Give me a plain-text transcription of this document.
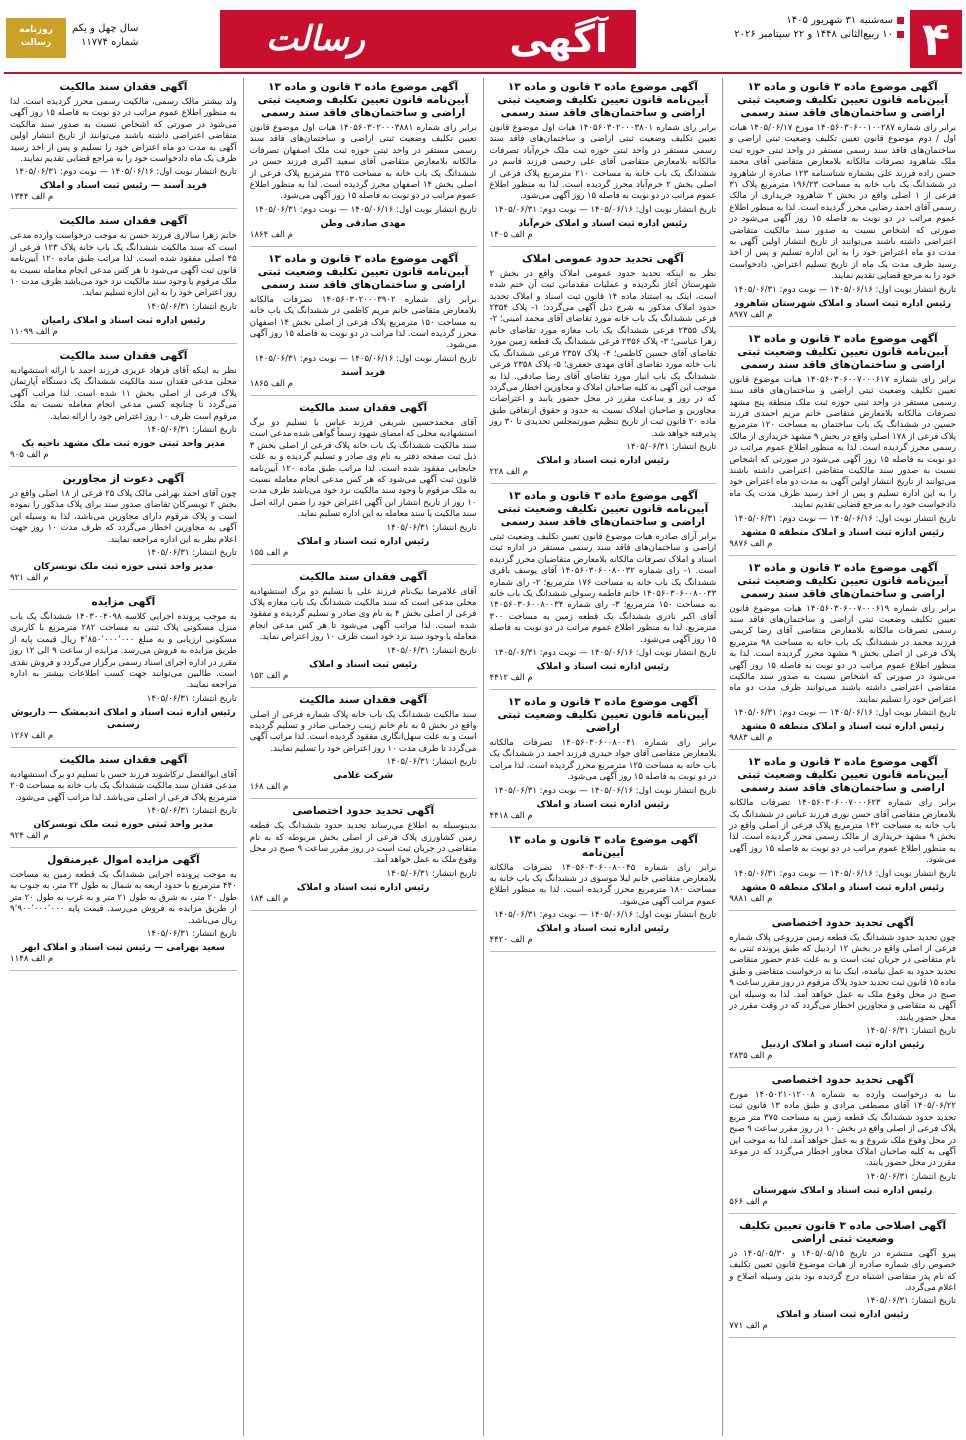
۴
سه‌شنبه ۳۱ شهریور ۱۴۰۵
۱۰ ربیع‌الثانی ۱۴۴۸ و ۲۲ سپتامبر ۲۰۲۶
آگهی
رسالت
روزنامه
رسالت
سال چهل و یکم
شماره ۱۱۷۷۴
آگهی موضوع ماده ۳ قانون و ماده ۱۳ آیین‌نامه قانون تعیین تکلیف وضعیت ثبتی اراضی و ساختمان‌های فاقد سند رسمی
برابر رای شماره ۱۴۰۵۶۰۳۰۶۰۰۱۰۰۲۸۷ مورخ ۱۴۰۵/۰۶/۱۷ هیات اول / دوم موضوع قانون تعیین تکلیف وضعیت ثبتی اراضی و ساختمان‌های فاقد سند رسمی مستقر در واحد ثبتی حوزه ثبت ملک شاهرود تصرفات مالکانه بلامعارض متقاضی آقای محمد حسن زاده فرزند علی بشماره شناسنامه ۱۲۳ صادره از شاهرود در ششدانگ یک باب خانه به مساحت ۱۹۶/۲۳ مترمربع پلاک ۳۱ فرعی از ۱ اصلی واقع در بخش ۲ شاهرود خریداری از مالک رسمی آقای احمد رضایی محرز گردیده است. لذا به منظور اطلاع عموم مراتب در دو نوبت به فاصله ۱۵ روز آگهی می‌شود در صورتی که اشخاص نسبت به صدور سند مالکیت متقاضی اعتراضی داشته باشند می‌توانند از تاریخ انتشار اولین آگهی به مدت دو ماه اعتراض خود را به این اداره تسلیم و پس از اخذ رسید ظرف مدت یک ماه از تاریخ تسلیم اعتراض، دادخواست خود را به مرجع قضایی تقدیم نمایند.
تاریخ انتشار نوبت اول: ۱۴۰۵/۰۶/۱۶ — نوبت دوم: ۱۴۰۵/۰۶/۳۱
رئیس اداره ثبت اسناد و املاک شهرستان شاهرود
م الف ۸۹۷۷
آگهی موضوع ماده ۳ قانون و ماده ۱۳ آیین‌نامه قانون تعیین تکلیف وضعیت ثبتی اراضی و ساختمان‌های فاقد سند رسمی
برابر رای شماره ۱۴۰۵۶۰۳۰۶۰۰۷۰۰۰۶۱۷ هیات موضوع قانون تعیین تکلیف وضعیت ثبتی اراضی و ساختمان‌های فاقد سند رسمی مستقر در واحد ثبتی حوزه ثبت ملک منطقه پنج مشهد تصرفات مالکانه بلامعارض متقاضی خانم مریم احمدی فرزند حسین در ششدانگ یک باب ساختمان به مساحت ۱۲۰ مترمربع پلاک فرعی از ۱۷۸ اصلی واقع در بخش ۹ مشهد خریداری از مالک رسمی محرز گردیده است. لذا به منظور اطلاع عموم مراتب در دو نوبت به فاصله ۱۵ روز آگهی می‌شود در صورتی که اشخاص نسبت به صدور سند مالکیت متقاضی اعتراضی داشته باشند می‌توانند از تاریخ انتشار اولین آگهی به مدت دو ماه اعتراض خود را به این اداره تسلیم و پس از اخذ رسید ظرف مدت یک ماه دادخواست خود را به مرجع قضایی تقدیم نمایند.
تاریخ انتشار نوبت اول: ۱۴۰۵/۰۶/۱۶ — نوبت دوم: ۱۴۰۵/۰۶/۳۱
رئیس اداره ثبت اسناد و املاک منطقه ۵ مشهد
م الف ۹۸۷۶
آگهی موضوع ماده ۳ قانون و ماده ۱۳ آیین‌نامه قانون تعیین تکلیف وضعیت ثبتی اراضی و ساختمان‌های فاقد سند رسمی
برابر رای شماره ۱۴۰۵۶۰۳۰۶۰۰۷۰۰۰۶۱۹ هیات موضوع قانون تعیین تکلیف وضعیت ثبتی اراضی و ساختمان‌های فاقد سند رسمی تصرفات مالکانه بلامعارض متقاضی آقای رضا کریمی فرزند محمد در ششدانگ یک باب خانه به مساحت ۹۸ مترمربع پلاک فرعی از اصلی بخش ۹ مشهد محرز گردیده است. لذا به منظور اطلاع عموم مراتب در دو نوبت به فاصله ۱۵ روز آگهی می‌شود در صورتی که اشخاص نسبت به صدور سند مالکیت متقاضی اعتراضی داشته باشند می‌توانند ظرف مدت دو ماه اعتراض خود را تسلیم نمایند.
تاریخ انتشار نوبت اول: ۱۴۰۵/۰۶/۱۶ — نوبت دوم: ۱۴۰۵/۰۶/۳۱
رئیس اداره ثبت اسناد و املاک منطقه ۵ مشهد
م الف ۹۸۸۳
آگهی موضوع ماده ۳ قانون و ماده ۱۳ آیین‌نامه قانون تعیین تکلیف وضعیت ثبتی اراضی و ساختمان‌های فاقد سند رسمی
برابر رای شماره ۱۴۰۵۶۰۳۰۶۰۰۷۰۰۰۶۲۳ تصرفات مالکانه بلامعارض متقاضی آقای حسن نوری فرزند عباس در ششدانگ یک باب خانه به مساحت ۱۴۲ مترمربع پلاک فرعی از اصلی واقع در بخش ۹ مشهد خریداری از مالک رسمی محرز گردیده است. لذا به منظور اطلاع عموم مراتب در دو نوبت به فاصله ۱۵ روز آگهی می‌شود.
تاریخ انتشار نوبت اول: ۱۴۰۵/۰۶/۱۶ — نوبت دوم: ۱۴۰۵/۰۶/۳۱
رئیس اداره ثبت اسناد و املاک منطقه ۵ مشهد
م الف ۹۸۸۱
آگهی تحدید حدود اختصاصی
چون تحدید حدود ششدانگ یک قطعه زمین مزروعی پلاک شماره فرعی از اصلی واقع در بخش ۱۲ اردبیل که طبق پرونده ثبتی به نام متقاضی در جریان ثبت است و به علت عدم حضور متقاضی تحدید حدود به عمل نیامده، اینک بنا به درخواست متقاضی و طبق ماده ۱۵ قانون ثبت تحدید حدود پلاک مرقوم در روز مقرر ساعت ۹ صبح در محل وقوع ملک به عمل خواهد آمد. لذا به وسیله این آگهی به متقاضی و مجاورین اخطار می‌گردد که در وقت مقرر در محل حضور یابند.
تاریخ انتشار: ۱۴۰۵/۰۶/۳۱
رئیس اداره ثبت اسناد و املاک اردبیل
م الف ۲۸۳۵
آگهی تحدید حدود اختصاصی
بنا به درخواست وارده به شماره ۱۴۰۵۰۲۱۰۱۲۰۰۸ مورخ ۱۴۰۵/۰۶/۲۲ آقای مصطفی مرادی و طبق ماده ۱۳ قانون ثبت تحدید حدود ششدانگ یک قطعه زمین به مساحت ۳۷۵ متر مربع پلاک فرعی از اصلی واقع در بخش ۱۰ در روز مقرر ساعت ۹ صبح در محل وقوع ملک شروع و به عمل خواهد آمد. لذا به موجب این آگهی به کلیه صاحبان املاک مجاور اخطار می‌گردد که در موعد مقرر در محل حضور یابند.
تاریخ انتشار: ۱۴۰۵/۰۶/۳۱
رئیس اداره ثبت اسناد و املاک شهرستان
م الف ۵۶۶
آگهی اصلاحی ماده ۳ قانون تعیین تکلیف وضعیت ثبتی اراضی
پیرو آگهی منتشره در تاریخ ۱۴۰۵/۰۵/۱۵ و ۱۴۰۵/۰۵/۳۰ در خصوص رای شماره صادره از هیات موضوع قانون تعیین تکلیف که نام پدر متقاضی اشتباه درج گردیده بود بدین وسیله اصلاح و اعلام می‌گردد.
تاریخ انتشار: ۱۴۰۵/۰۶/۳۱
رئیس اداره ثبت اسناد و املاک
م الف ۷۷۱
آگهی موضوع ماده ۳ قانون و ماده ۱۳ آیین‌نامه قانون تعیین تکلیف وضعیت ثبتی اراضی و ساختمان‌های فاقد سند رسمی
برابر رای شماره ۱۴۰۵۶۰۳۰۲۰۰۰۳۸۰۱ هیات اول موضوع قانون تعیین تکلیف وضعیت ثبتی اراضی و ساختمان‌های فاقد سند رسمی مستقر در واحد ثبتی حوزه ثبت ملک خرم‌آباد تصرفات مالکانه بلامعارض متقاضی آقای علی رحیمی فرزند قاسم در ششدانگ یک باب خانه به مساحت ۲۱۰ مترمربع پلاک فرعی از اصلی بخش ۲ خرم‌آباد محرز گردیده است. لذا به منظور اطلاع عموم مراتب در دو نوبت به فاصله ۱۵ روز آگهی می‌شود.
تاریخ انتشار نوبت اول: ۱۴۰۵/۰۶/۱۶ — نوبت دوم: ۱۴۰۵/۰۶/۳۱
رئیس اداره ثبت اسناد و املاک خرم‌آباد
م الف ۱۴۰۵
آگهی تحدید حدود عمومی املاک
نظر به اینکه تحدید حدود عمومی املاک واقع در بخش ۲ شهرستان آغاز نگردیده و عملیات مقدماتی ثبت آن ختم شده است، اینک به استناد ماده ۱۴ قانون ثبت اسناد و املاک تحدید حدود املاک مذکور به شرح ذیل آگهی می‌گردد: ۱- پلاک ۲۳۵۴ فرعی ششدانگ یک باب خانه مورد تقاضای آقای محمد امینی؛ ۲- پلاک ۲۳۵۵ فرعی ششدانگ یک باب مغازه مورد تقاضای خانم زهرا عباسی؛ ۳- پلاک ۲۳۵۶ فرعی ششدانگ یک قطعه زمین مورد تقاضای آقای حسین کاظمی؛ ۴- پلاک ۲۳۵۷ فرعی ششدانگ یک باب خانه مورد تقاضای آقای مهدی جعفری؛ ۵- پلاک ۲۳۵۸ فرعی ششدانگ یک باب انبار مورد تقاضای آقای رضا صادقی. لذا به موجب این آگهی به کلیه صاحبان املاک و مجاورین اخطار می‌گردد که در روز و ساعت مقرر در محل حضور یابند و اعتراضات مجاورین و صاحبان املاک نسبت به حدود و حقوق ارتفاقی طبق ماده ۲۰ قانون ثبت از تاریخ تنظیم صورتمجلس تحدیدی تا ۳۰ روز پذیرفته خواهد شد.
تاریخ انتشار: ۱۴۰۵/۰۶/۳۱
رئیس اداره ثبت اسناد و املاک
م الف ۲۲۸
آگهی موضوع ماده ۳ قانون و ماده ۱۳ آیین‌نامه قانون تعیین تکلیف وضعیت ثبتی اراضی و ساختمان‌های فاقد سند رسمی
برابر آرای صادره هیات موضوع قانون تعیین تکلیف وضعیت ثبتی اراضی و ساختمان‌های فاقد سند رسمی مستقر در اداره ثبت اسناد و املاک تصرفات مالکانه بلامعارض متقاضیان محرز گردیده است. ۱- رای شماره ۱۴۰۵۶۰۳۰۶۰۰۸۰۰۳۲ آقای یوسف باقری ششدانگ یک باب خانه به مساحت ۱۷۶ مترمربع؛ ۲- رای شماره ۱۴۰۵۶۰۳۰۶۰۰۸۰۰۳۳ خانم فاطمه رسولی ششدانگ یک باب خانه به مساحت ۱۵۰ مترمربع؛ ۳- رای شماره ۱۴۰۵۶۰۳۰۶۰۰۸۰۰۳۴ آقای اکبر نادری ششدانگ یک قطعه زمین به مساحت ۳۰۰ مترمربع. لذا به منظور اطلاع عموم مراتب در دو نوبت به فاصله ۱۵ روز آگهی می‌شود.
تاریخ انتشار نوبت اول: ۱۴۰۵/۰۶/۱۶ — نوبت دوم: ۱۴۰۵/۰۶/۳۱
رئیس اداره ثبت اسناد و املاک
م الف ۴۴۱۲
آگهی موضوع ماده ۳ قانون و ماده ۱۳ آیین‌نامه قانون تعیین تکلیف وضعیت ثبتی اراضی
برابر رای شماره ۱۴۰۵۶۰۳۰۶۰۰۸۰۰۴۱ تصرفات مالکانه بلامعارض متقاضی آقای جواد حیدری فرزند احمد در ششدانگ یک باب خانه به مساحت ۱۲۵ مترمربع محرز گردیده است. لذا مراتب در دو نوبت به فاصله ۱۵ روز آگهی می‌شود.
تاریخ انتشار نوبت اول: ۱۴۰۵/۰۶/۱۶ — نوبت دوم: ۱۴۰۵/۰۶/۳۱
رئیس اداره ثبت اسناد و املاک
م الف ۴۴۱۸
آگهی موضوع ماده ۳ قانون و ماده ۱۳ آیین‌نامه
برابر رای شماره ۱۴۰۵۶۰۳۰۶۰۰۸۰۰۴۵ تصرفات مالکانه بلامعارض متقاضی خانم لیلا موسوی در ششدانگ یک باب خانه به مساحت ۱۸۰ مترمربع محرز گردیده است. لذا به منظور اطلاع عموم مراتب آگهی می‌شود.
تاریخ انتشار نوبت اول: ۱۴۰۵/۰۶/۱۶ — نوبت دوم: ۱۴۰۵/۰۶/۳۱
رئیس اداره ثبت اسناد و املاک
م الف ۴۴۲۰
آگهی موضوع ماده ۳ قانون و ماده ۱۳ آیین‌نامه قانون تعیین تکلیف وضعیت ثبتی اراضی و ساختمان‌های فاقد سند رسمی
برابر رای شماره ۱۴۰۵۶۰۳۰۲۰۰۰۳۸۸۱ هیات اول موضوع قانون تعیین تکلیف وضعیت ثبتی اراضی و ساختمان‌های فاقد سند رسمی مستقر در واحد ثبتی حوزه ثبت ملک اصفهان تصرفات مالکانه بلامعارض متقاضی آقای سعید اکبری فرزند حسن در ششدانگ یک باب خانه به مساحت ۲۲۵ مترمربع پلاک فرعی از اصلی بخش ۱۴ اصفهان محرز گردیده است. لذا به منظور اطلاع عموم مراتب در دو نوبت به فاصله ۱۵ روز آگهی می‌شود.
تاریخ انتشار نوبت اول: ۱۴۰۵/۰۶/۱۶ — نوبت دوم: ۱۴۰۵/۰۶/۳۱
مهدی صادقی وطن
م الف ۱۸۶۴
آگهی موضوع ماده ۳ قانون و ماده ۱۳ آیین‌نامه قانون تعیین تکلیف وضعیت ثبتی اراضی و ساختمان‌های فاقد سند رسمی
برابر رای شماره ۱۴۰۵۶۰۳۰۲۰۰۰۳۹۰۲ تصرفات مالکانه بلامعارض متقاضی خانم مریم کاظمی در ششدانگ یک باب خانه به مساحت ۱۵۰ مترمربع پلاک فرعی از اصلی بخش ۱۴ اصفهان محرز گردیده است. لذا مراتب در دو نوبت به فاصله ۱۵ روز آگهی می‌شود.
تاریخ انتشار نوبت اول: ۱۴۰۵/۰۶/۱۶ — نوبت دوم: ۱۴۰۵/۰۶/۳۱
فرید آسند
م الف ۱۸۶۵
آگهی فقدان سند مالکیت
آقای محمدحسین شریفی فرزند عباس با تسلیم دو برگ استشهادیه محلی که امضای شهود رسماً گواهی شده مدعی است سند مالکیت ششدانگ یک باب خانه پلاک فرعی از اصلی بخش ۳ ذیل ثبت صفحه دفتر به نام وی صادر و تسلیم گردیده و به علت جابجایی مفقود شده است. لذا مراتب طبق ماده ۱۲۰ آیین‌نامه قانون ثبت آگهی می‌شود که هر کس مدعی انجام معامله نسبت به ملک مرقوم یا وجود سند مالکیت نزد خود می‌باشد ظرف مدت ۱۰ روز از تاریخ انتشار این آگهی اعتراض خود را ضمن ارائه اصل سند مالکیت یا سند معامله به این اداره تسلیم نماید.
تاریخ انتشار: ۱۴۰۵/۰۶/۳۱
رئیس اداره ثبت اسناد و املاک
م الف ۱۵۵
آگهی فقدان سند مالکیت
آقای غلامرضا نیک‌نام فرزند علی با تسلیم دو برگ استشهادیه محلی مدعی است که سند مالکیت ششدانگ یک باب مغازه پلاک فرعی از اصلی بخش ۴ به نام وی صادر و تسلیم گردیده و مفقود شده است. لذا مراتب آگهی می‌شود تا هر کس مدعی انجام معامله یا وجود سند نزد خود است ظرف ۱۰ روز اعتراض نماید.
تاریخ انتشار: ۱۴۰۵/۰۶/۳۱
رئیس ثبت اسناد و املاک
م الف ۱۵۲
آگهی فقدان سند مالکیت
سند مالکیت ششدانگ یک باب خانه پلاک شماره فرعی از اصلی واقع در بخش ۵ به نام خانم زینب رحمانی صادر و تسلیم گردیده است و به علت سهل‌انگاری مفقود گردیده است. لذا مراتب آگهی می‌گردد تا ظرف مدت ۱۰ روز اعتراض خود را تسلیم نمایند.
تاریخ انتشار: ۱۴۰۵/۰۶/۳۱
شرکت غلامی
م الف ۱۶۸
آگهی تحدید حدود اختصاصی
بدینوسیله به اطلاع می‌رساند تحدید حدود ششدانگ یک قطعه زمین کشاورزی پلاک فرعی از اصلی بخش مربوطه که به نام متقاضی در جریان ثبت است در روز مقرر ساعت ۹ صبح در محل وقوع ملک به عمل خواهد آمد.
تاریخ انتشار: ۱۴۰۵/۰۶/۳۱
رئیس اداره ثبت اسناد و املاک
م الف ۱۸۴
آگهی فقدان سند مالکیت
ولد بیشتر مالک رسمی، مالکیت رسمی محرز گردیده است. لذا به منظور اطلاع عموم مراتب در دو نوبت به فاصله ۱۵ روز آگهی می‌شود در صورتی که اشخاص نسبت به صدور سند مالکیت متقاضی اعتراضی داشته باشند می‌توانند از تاریخ انتشار اولین آگهی به مدت دو ماه اعتراض خود را تسلیم و پس از اخذ رسید ظرف یک ماه دادخواست خود را به مراجع قضایی تقدیم نمایند.
تاریخ انتشار نوبت اول: ۱۴۰۵/۰۶/۱۶ — نوبت دوم: ۱۴۰۵/۰۶/۳۱
فرید آسند — رئیس ثبت اسناد و املاک
م الف ۱۳۴۴
آگهی فقدان سند مالکیت
خانم زهرا سالاری فرزند حسن به موجب درخواست وارده مدعی است که سند مالکیت ششدانگ یک باب خانه پلاک ۱۲۳ فرعی از ۴۵ اصلی مفقود شده است. لذا مراتب طبق ماده ۱۲۰ آیین‌نامه قانون ثبت آگهی می‌شود تا هر کس مدعی انجام معامله نسبت به ملک مرقوم یا وجود سند مالکیت نزد خود می‌باشد ظرف مدت ۱۰ روز اعتراض خود را به این اداره تسلیم نماید.
تاریخ انتشار: ۱۴۰۵/۰۶/۳۱
رئیس اداره ثبت اسناد و املاک رامیان
م الف ۱۱۰۹۹
آگهی فقدان سند مالکیت
نظر به اینکه آقای فرهاد عزیزی فرزند احمد با ارائه استشهادیه محلی مدعی فقدان سند مالکیت ششدانگ یک دستگاه آپارتمان پلاک فرعی از اصلی بخش ۱۱ شده است. لذا مراتب آگهی می‌گردد تا چنانچه کسی مدعی انجام معامله نسبت به ملک مرقوم است ظرف ۱۰ روز اعتراض خود را ارائه نماید.
تاریخ انتشار: ۱۴۰۵/۰۶/۳۱
مدیر واحد ثبتی حوزه ثبت ملک مشهد ناحیه یک
م الف ۹۰۵
آگهی دعوت از مجاورین
چون آقای احمد بهرامی مالک پلاک ۲۵ فرعی از ۱۸ اصلی واقع در بخش ۲ تویسرکان تقاضای صدور سند برای پلاک مذکور را نموده است و پلاک مرقوم دارای مجاورین می‌باشد، لذا به وسیله این آگهی به مجاورین اخطار می‌گردد که ظرف مدت ۱۰ روز جهت اعلام نظر به این اداره مراجعه نمایند.
تاریخ انتشار: ۱۴۰۵/۰۶/۳۱
مدیر واحد ثبتی حوزه ثبت ملک تویسرکان
م الف ۹۲۱
آگهی مزایده
به موجب پرونده اجرایی کلاسه ۱۴۰۳۰۰۴۰۹۸ ششدانگ یک باب منزل مسکونی پلاک ثبتی به مساحت ۲۸۲ مترمربع با کاربری مسکونی ارزیابی و به مبلغ ۴٬۸۵۰٬۰۰۰٬۰۰۰ ریال قیمت پایه از طریق مزایده به فروش می‌رسد. مزایده از ساعت ۹ الی ۱۲ روز مقرر در اداره اجرای اسناد رسمی برگزار می‌گردد و فروش نقدی است. طالبین می‌توانند جهت کسب اطلاعات بیشتر به اداره مراجعه نمایند.
تاریخ انتشار: ۱۴۰۵/۰۶/۳۱
رئیس اداره ثبت اسناد و املاک اندیمشک — داریوش رستمی
م الف ۱۲۶۷
آگهی فقدان سند مالکیت
آقای ابوالفضل ترکاشوند فرزند حسن با تسلیم دو برگ استشهادیه مدعی فقدان سند مالکیت ششدانگ یک باب خانه به مساحت ۲۰۵ مترمربع پلاک فرعی از اصلی می‌باشد. لذا مراتب آگهی می‌شود.
تاریخ انتشار: ۱۴۰۵/۰۶/۳۱
مدیر واحد ثبتی حوزه ثبت ملک تویسرکان
م الف ۹۲۴
آگهی مزایده اموال غیرمنقول
به موجب پرونده اجرایی ششدانگ یک قطعه زمین به مساحت ۴۴۰ مترمربع با حدود اربعه به شمال به طول ۲۲ متر، به جنوب به طول ۲۰ متر، به شرق به طول ۲۱ متر و به غرب به طول ۲۰ متر از طریق مزایده به فروش می‌رسد. قیمت پایه ۹٬۹۰۰٬۰۰۰٬۰۰۰ ریال می‌باشد.
تاریخ انتشار: ۱۴۰۵/۰۶/۳۱
سعید بهرامی — رئیس ثبت اسناد و املاک ابهر
م الف ۱۱۴۸
